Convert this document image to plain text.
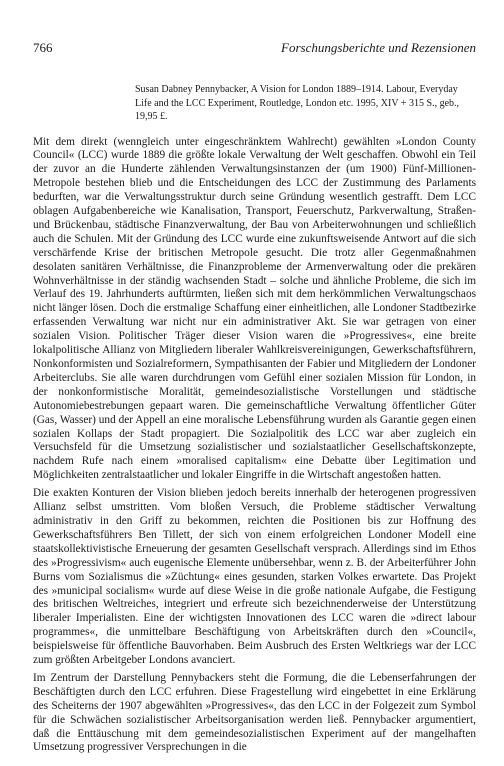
766	Forschungsberichte und Rezensionen
Susan Dabney Pennybacker, A Vision for London 1889–1914. Labour, Everyday Life and the LCC Experiment, Routledge, London etc. 1995, XIV + 315 S., geb., 19,95 £.

Mit dem direkt (wenngleich unter eingeschränktem Wahlrecht) gewählten »London County Council« (LCC) wurde 1889 die größte lokale Verwaltung der Welt geschaffen. Obwohl ein Teil der zuvor an die Hunderte zählenden Verwaltungsinstanzen der (um 1900) Fünf-Millionen-Metropole bestehen blieb und die Entscheidungen des LCC der Zustimmung des Parlaments bedurften, war die Verwaltungsstruktur durch seine Gründung wesentlich gestrafft. Dem LCC oblagen Aufgabenbereiche wie Kanalisation, Transport, Feuerschutz, Parkverwaltung, Straßen- und Brückenbau, städtische Finanzverwaltung, der Bau von Arbeiterwohnungen und schließlich auch die Schulen. Mit der Gründung des LCC wurde eine zukunftsweisende Antwort auf die sich verschärfende Krise der britischen Metropole gesucht. Die trotz aller Gegenmaßnahmen desolaten sanitären Verhältnisse, die Finanzprobleme der Armenverwaltung oder die prekären Wohnverhältnisse in der ständig wachsenden Stadt – solche und ähnliche Probleme, die sich im Verlauf des 19. Jahrhunderts auftürmten, ließen sich mit dem herkömmlichen Verwaltungschaos nicht länger lösen. Doch die erstmalige Schaffung einer einheitlichen, alle Londoner Stadtbezirke erfassenden Verwaltung war nicht nur ein administrativer Akt. Sie war getragen von einer sozialen Vision. Politischer Träger dieser Vision waren die »Progressives«, eine breite lokalpolitische Allianz von Mitgliedern liberaler Wahlkreisvereinigungen, Gewerkschaftsführern, Nonkonformisten und Sozialreformern, Sympathisanten der Fabier und Mitgliedern der Londoner Arbeiterclubs. Sie alle waren durchdrungen vom Gefühl einer sozialen Mission für London, in der nonkonformistische Moralität, gemeindesozialistische Vorstellungen und städtische Autonomiebestrebungen gepaart waren. Die gemeinschaftliche Verwaltung öffentlicher Güter (Gas, Wasser) und der Appell an eine moralische Lebensführung wurden als Garantie gegen einen sozialen Kollaps der Stadt propagiert. Die Sozialpolitik des LCC war aber zugleich ein Versuchsfeld für die Umsetzung sozialistischer und sozialstaatlicher Gesellschaftskonzepte, nachdem Rufe nach einem »moralised capitalism« eine Debatte über Legitimation und Möglichkeiten zentralstaatlicher und lokaler Eingriffe in die Wirtschaft angestoßen hatten.

Die exakten Konturen der Vision blieben jedoch bereits innerhalb der heterogenen progressiven Allianz selbst umstritten. Vom bloßen Versuch, die Probleme städtischer Verwaltung administrativ in den Griff zu bekommen, reichten die Positionen bis zur Hoffnung des Gewerkschaftsführers Ben Tillett, der sich von einem erfolgreichen Londoner Modell eine staatskollektivistische Erneuerung der gesamten Gesellschaft versprach. Allerdings sind im Ethos des »Progressivism« auch eugenische Elemente unübersehbar, wenn z. B. der Arbeiterführer John Burns vom Sozialismus die »Züchtung« eines gesunden, starken Volkes erwartete. Das Projekt des »municipal socialism« wurde auf diese Weise in die große nationale Aufgabe, die Festigung des britischen Weltreiches, integriert und erfreute sich bezeichnenderweise der Unterstützung liberaler Imperialisten. Eine der wichtigsten Innovationen des LCC waren die »direct labour programmes«, die unmittelbare Beschäftigung von Arbeitskräften durch den »Council«, beispielsweise für öffentliche Bauvorhaben. Beim Ausbruch des Ersten Weltkriegs war der LCC zum größten Arbeitgeber Londons avanciert.

Im Zentrum der Darstellung Pennybackers steht die Formung, die die Lebenserfahrungen der Beschäftigten durch den LCC erfuhren. Diese Fragestellung wird eingebettet in eine Erklärung des Scheiterns der 1907 abgewählten »Progressives«, das den LCC in der Folgezeit zum Symbol für die Schwächen sozialistischer Arbeitsorganisation werden ließ. Pennybacker argumentiert, daß die Enttäuschung mit dem gemeindesozialistischen Experiment auf der mangelhaften Umsetzung progressiver Versprechungen in die
